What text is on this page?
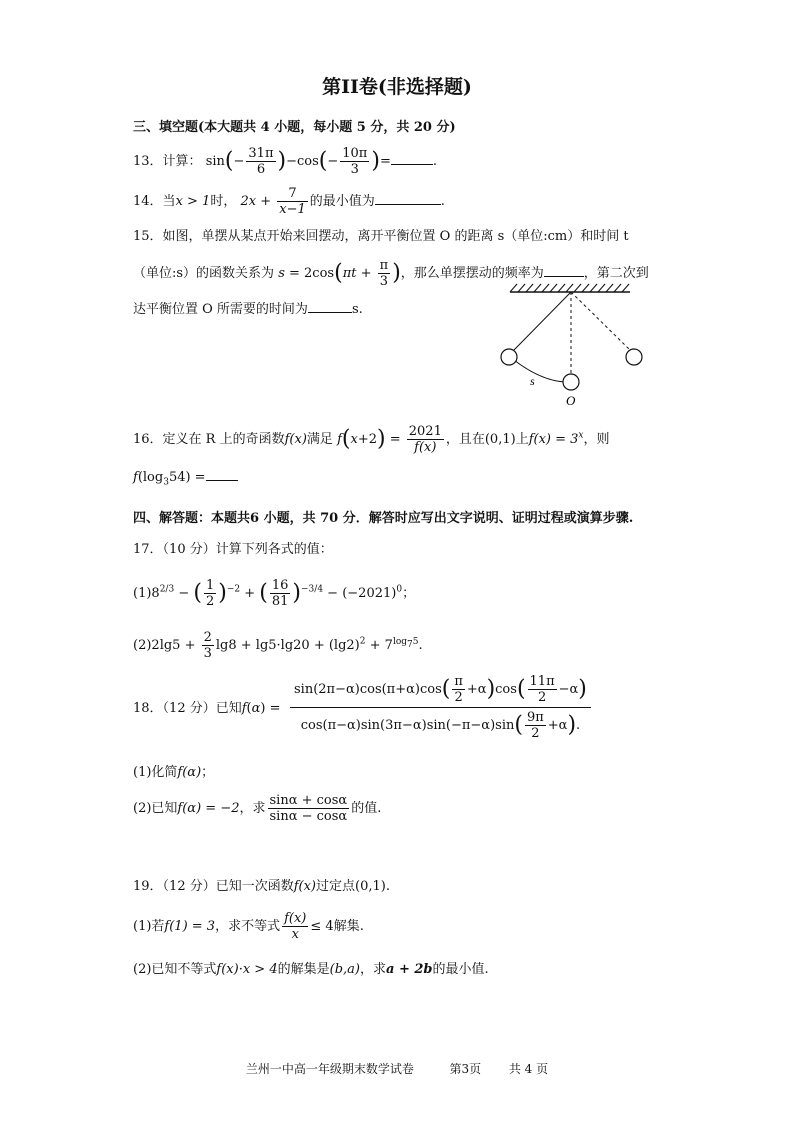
第II卷(非选择题)
三、填空题(本大题共 4 小题，每小题 5 分，共 20 分)
13．计算： $\sin(- \frac{31\pi}{6} )-\cos(- \frac{10\pi}{3}$ )=	.
14．当x > 1时， $2x + \frac{7}{x-1}$ 的最小值为	.
15．如图，单摆从某点开始来回摆动，离开平衡位置 O 的距离 s（单位:cm）和时间 t
（单位:s）的函数关系为 $s = 2\cos(\pi t + \frac{\pi}{3}$ )，那么单摆摆动的频率为	，第二次到
达平衡位置 O 所需要的时间为	s.
s
O
16．定义在 R 上的奇函数f(x)满足 $f(x+2) = \frac{2021}{f(x)}$ ，且在(0,1)上$f(x) = 3^x$，则
$f(\log_354)$ =
四、解答题：本题共6 小题，共 70 分．解答时应写出文字说明、证明过程或演算步骤.
17．（10 分）计算下列各式的值：
$(1)8^{2/3}$ − ( $\frac{1}{2} )^{-2}$ + ( $\frac{16}{81} )^{-3/4} - (-2021)^0$；
$(2)2\lg 5 + \frac{2}{3} \lg 8 + \lg 5\cdot\lg 20 + (\lg 2)^2 + 7^{log_75}$.
18．（12 分）已知$f(\alpha) = \frac{\sin(2\pi-\alpha)\cos(\pi+\alpha)\cos( \frac{\pi}{2} +\alpha)\cos( \frac{11\pi}{2} -\alpha)}{\cos(\pi-\alpha)\sin(3\pi-\alpha)\sin(-\pi-\alpha)\sin( \frac{9\pi}{2} +\alpha).}$
(1)化简f(α)；
(2)已知f(α) = −2，求 $\frac{\sin\alpha + \cos\alpha}{\sin\alpha - \cos\alpha}$ 的值.
19．（12 分）已知一次函数f(x)过定点(0,1).
(1)若f(1) = 3，求不等式 $\frac{f(x)}{x} \le 4$解集.
(2)已知不等式f(x)·x > 4的解集是(b,a)，求a + 2b的最小值.
兰州一中高一年级期末数学试卷	第3页 共 4 页
